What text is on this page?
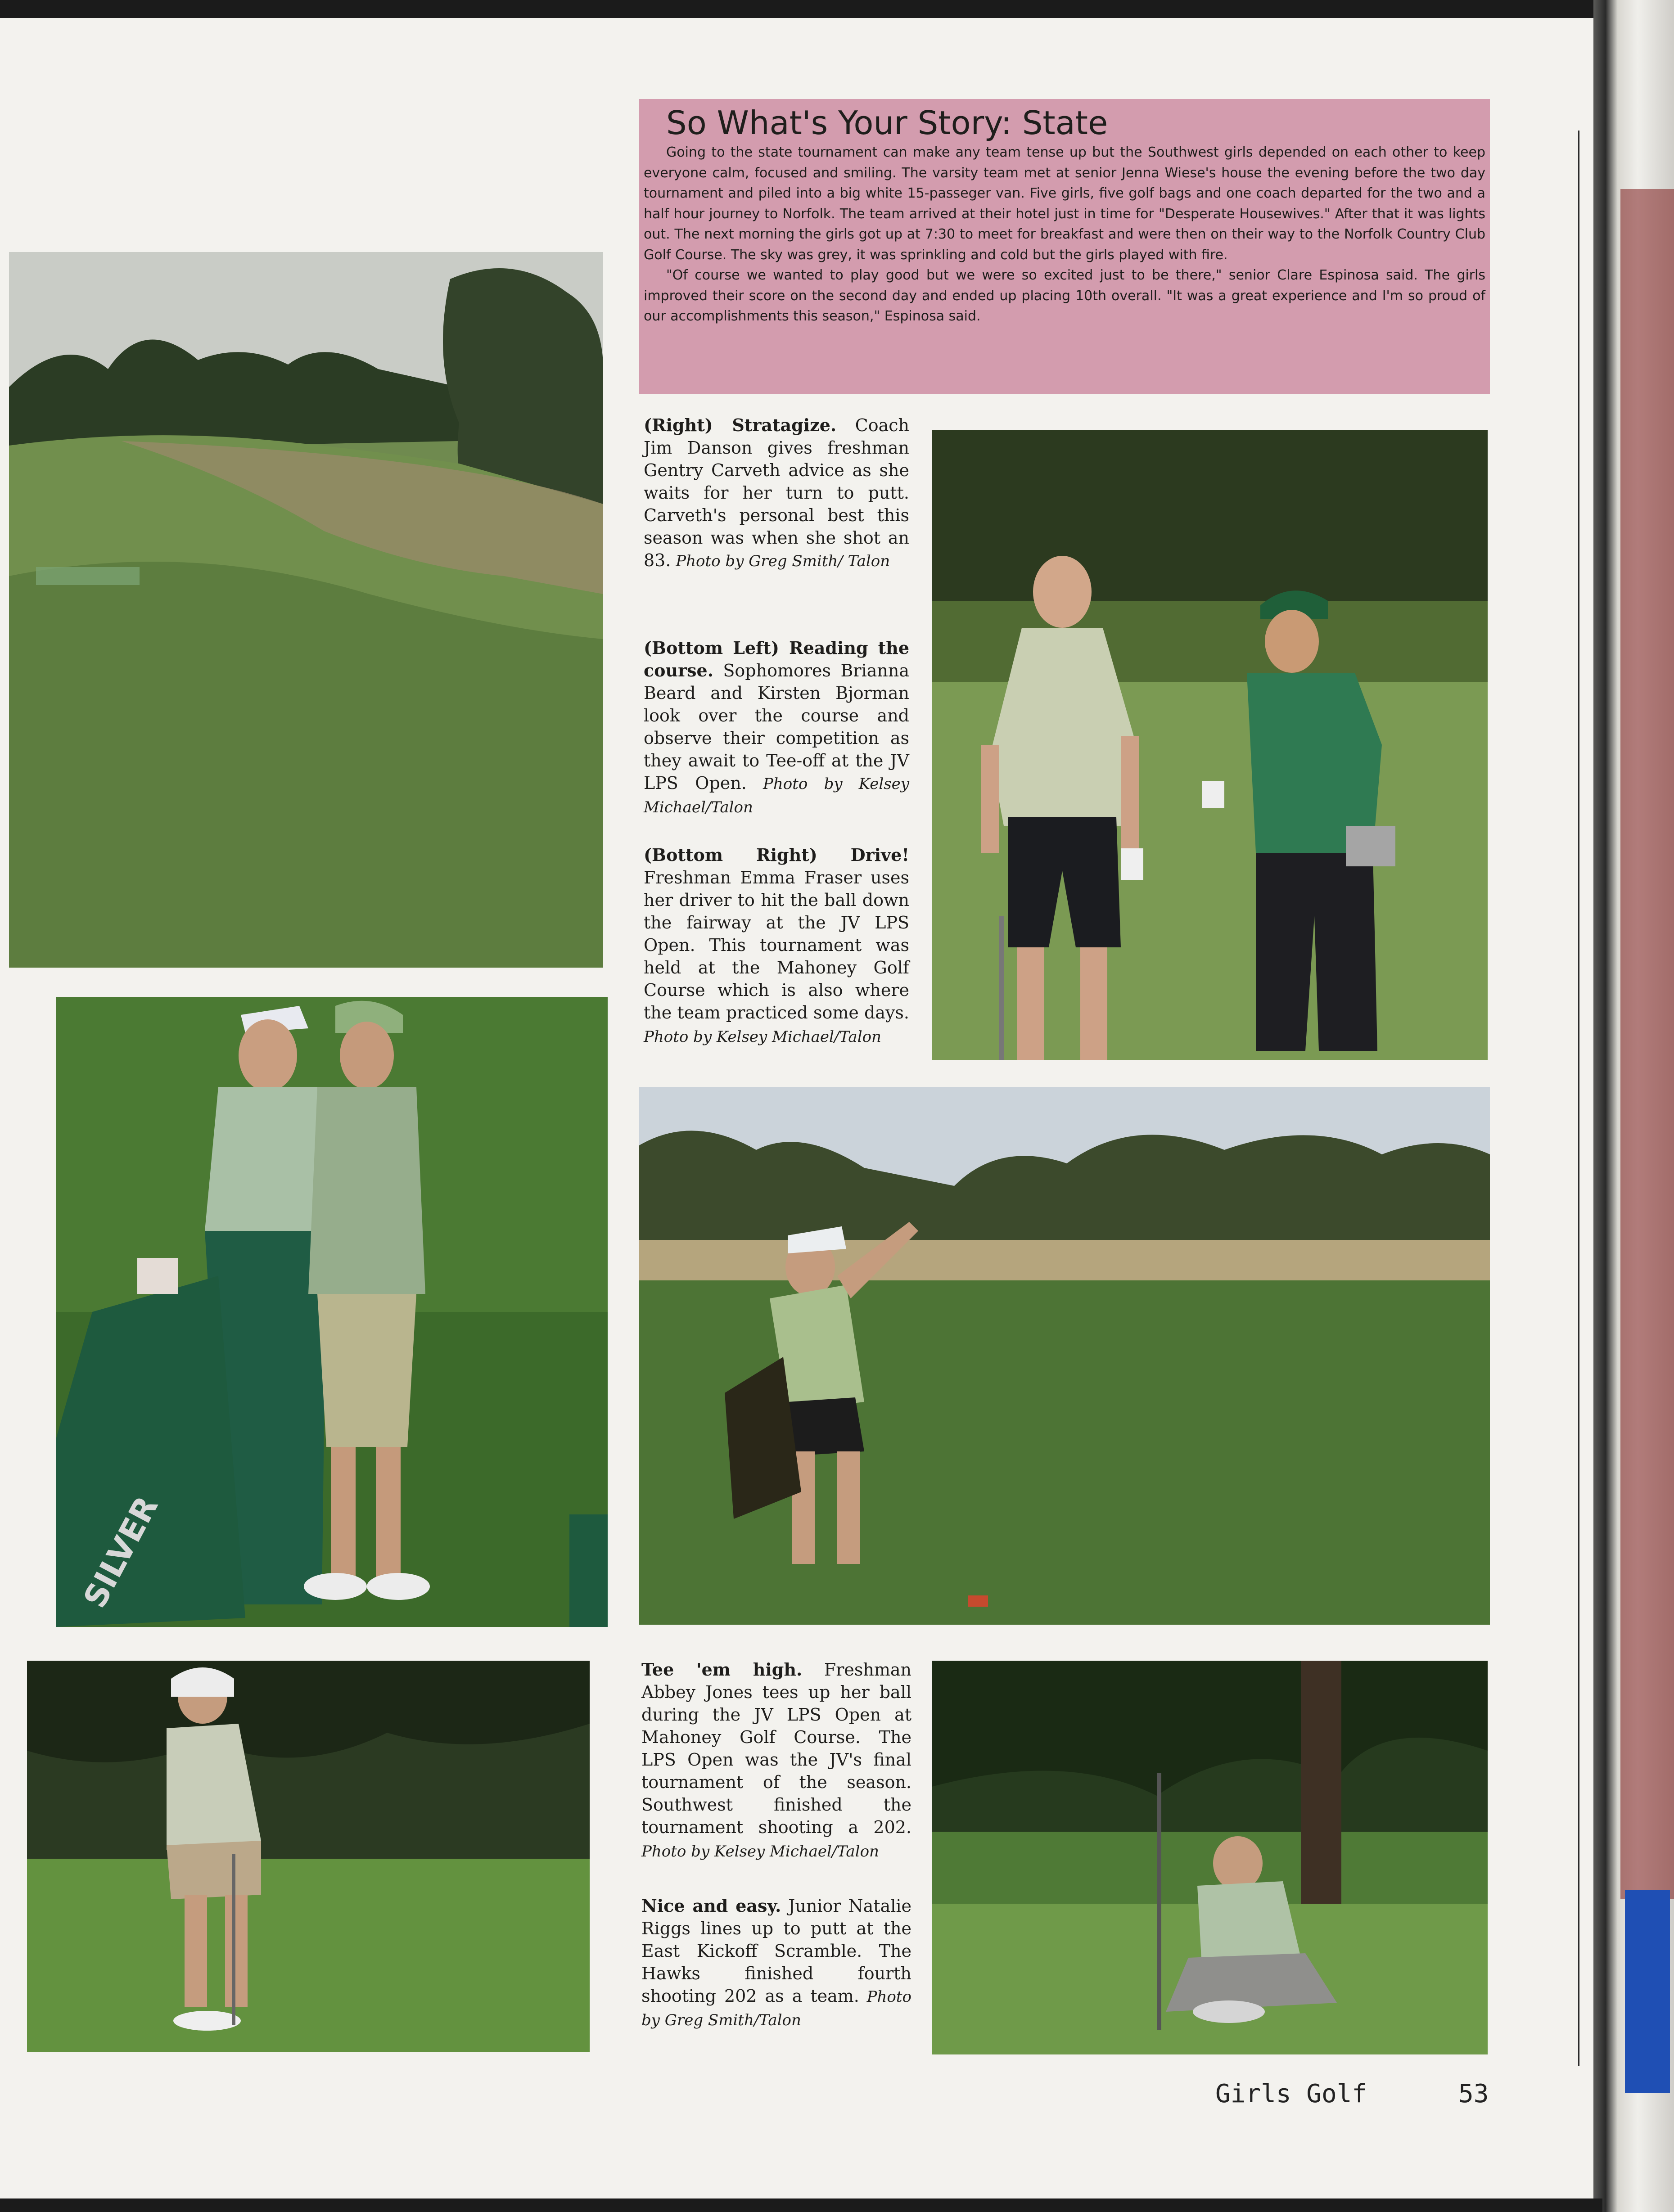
So What's Your Story: State

Going to the state tournament can make any team tense up but the Southwest girls depended on each other to keep everyone calm, focused and smiling. The varsity team met at senior Jenna Wiese's house the evening before the two day tournament and piled into a big white 15-passeger van. Five girls, five golf bags and one coach departed for the two and a half hour journey to Norfolk. The team arrived at their hotel just in time for "Desperate Housewives." After that it was lights out. The next morning the girls got up at 7:30 to meet for breakfast and were then on their way to the Norfolk Country Club Golf Course. The sky was grey, it was sprinkling and cold but the girls played with fire.

"Of course we wanted to play good but we were so excited just to be there," senior Clare Espinosa said. The girls improved their score on the second day and ended up placing 10th overall. "It was a great experience and I'm so proud of our accomplishments this season," Espinosa said.

(Right) Stratagize. Coach Jim Danson gives freshman Gentry Carveth advice as she waits for her turn to putt. Carveth's personal best this season was when she shot an 83. Photo by Greg Smith/ Talon
(Bottom Left) Reading the course. Sophomores Brianna Beard and Kirsten Bjorman look over the course and observe their competition as they await to Tee-off at the JV LPS Open. Photo by Kelsey Michael/Talon
(Bottom Right) Drive! Freshman Emma Fraser uses her driver to hit the ball down the fairway at the JV LPS Open. This tournament was held at the Mahoney Golf Course which is also where the team practiced some days. Photo by Kelsey Michael/Talon
SILVER
Tee 'em high. Freshman Abbey Jones tees up her ball during the JV LPS Open at Mahoney Golf Course. The LPS Open was the JV's final tournament of the season. Southwest finished the tournament shooting a 202. Photo by Kelsey Michael/Talon
Nice and easy. Junior Natalie Riggs lines up to putt at the East Kickoff Scramble. The Hawks finished fourth shooting 202 as a team. Photo by Greg Smith/Talon
Girls Golf	53
